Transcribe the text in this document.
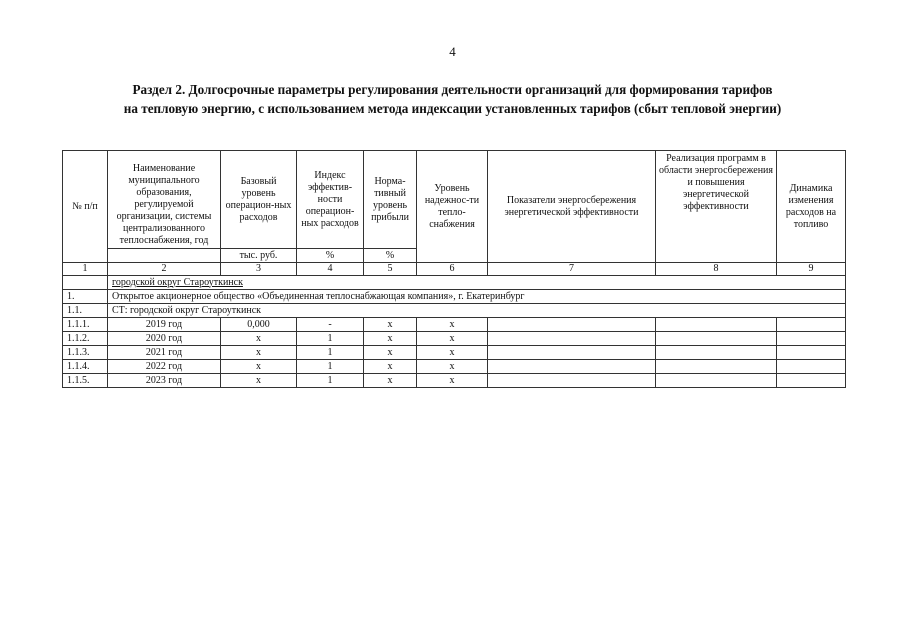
4
Раздел 2. Долгосрочные параметры регулирования деятельности организаций для формирования тарифов
на тепловую энергию, с использованием метода индексации установленных тарифов (сбыт тепловой энергии)
№ п/п	Наименование муниципального образования, регулируемой организации, системы централизованного теплоснабжения, год	Базовый уровень операцион-ных расходов	Индекс эффектив-ности операцион-ных расходов	Норма-тивный уровень прибыли	Уровень надежнос-ти тепло-снабжения	Показатели энергосбережения энергетической эффективности	Реализация программ в области энергосбережения и повышения энергетической эффективности	Динамика изменения расходов на топливо
		тыс. руб.	%	%				
1	2	3	4	5	6	7	8	9
	городской округ Староуткинск							
1.	Открытое акционерное общество «Объединенная теплоснабжающая компания», г. Екатеринбург							
1.1.	СТ: городской округ Староуткинск							
1.1.1.	2019 год	0,000	-	х	х			
1.1.2.	2020 год	х	1	х	х			
1.1.3.	2021 год	х	1	х	х			
1.1.4.	2022 год	х	1	х	х			
1.1.5.	2023 год	х	1	х	х			
